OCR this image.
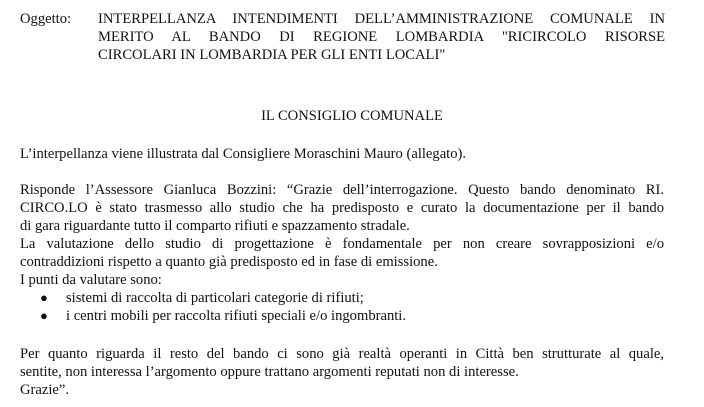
Oggetto: INTERPELLANZA INTENDIMENTI DELL’AMMINISTRAZIONE COMUNALE IN
MERITO AL BANDO DI REGIONE LOMBARDIA "RICIRCOLO RISORSE
CIRCOLARI IN LOMBARDIA PER GLI ENTI LOCALI"
IL CONSIGLIO COMUNALE
L’interpellanza viene illustrata dal Consigliere Moraschini Mauro (allegato).
Risponde l’Assessore Gianluca Bozzini: “Grazie dell’interrogazione. Questo bando denominato RI.
CIRCO.LO è stato trasmesso allo studio che ha predisposto e curato la documentazione per il bando
di gara riguardante tutto il comparto rifiuti e spazzamento stradale.
La valutazione dello studio di progettazione è fondamentale per non creare sovrapposizioni e/o
contraddizioni rispetto a quanto già predisposto ed in fase di emissione.
I punti da valutare sono:
● sistemi di raccolta di particolari categorie di rifiuti;
● i centri mobili per raccolta rifiuti speciali e/o ingombranti.
Per quanto riguarda il resto del bando ci sono già realtà operanti in Città ben strutturate al quale,
sentite, non interessa l’argomento oppure trattano argomenti reputati non di interesse.
Grazie”.
